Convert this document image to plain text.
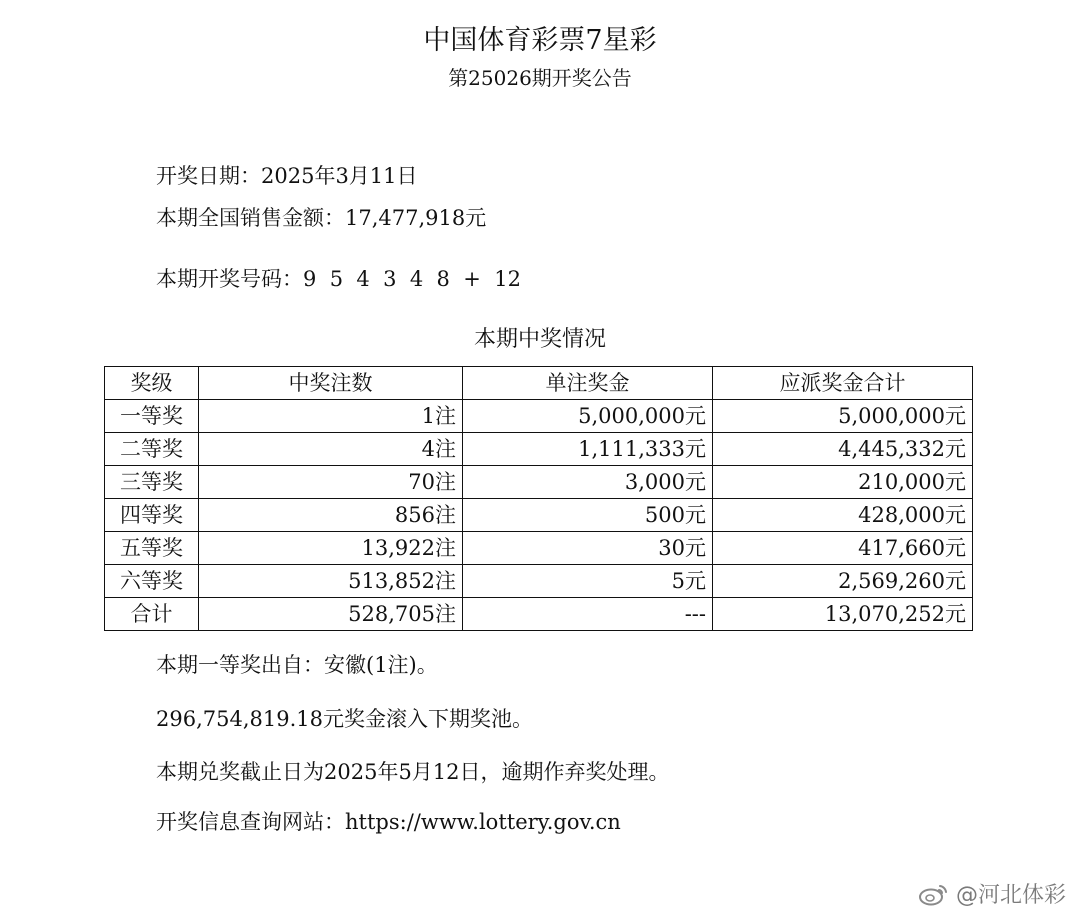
中国体育彩票7星彩
第25026期开奖公告
开奖日期：2025年3月11日
本期全国销售金额：17,477,918元
本期开奖号码：9  5  4  3  4  8  +  12
本期中奖情况
奖级	中奖注数	单注奖金	应派奖金合计
一等奖	1注	5,000,000元	5,000,000元
二等奖	4注	1,111,333元	4,445,332元
三等奖	70注	3,000元	210,000元
四等奖	856注	500元	428,000元
五等奖	13,922注	30元	417,660元
六等奖	513,852注	5元	2,569,260元
合计	528,705注	---	13,070,252元
本期一等奖出自：安徽(1注)。
296,754,819.18元奖金滚入下期奖池。
本期兑奖截止日为2025年5月12日，逾期作弃奖处理。
开奖信息查询网站：https://www.lottery.gov.cn
@河北体彩
